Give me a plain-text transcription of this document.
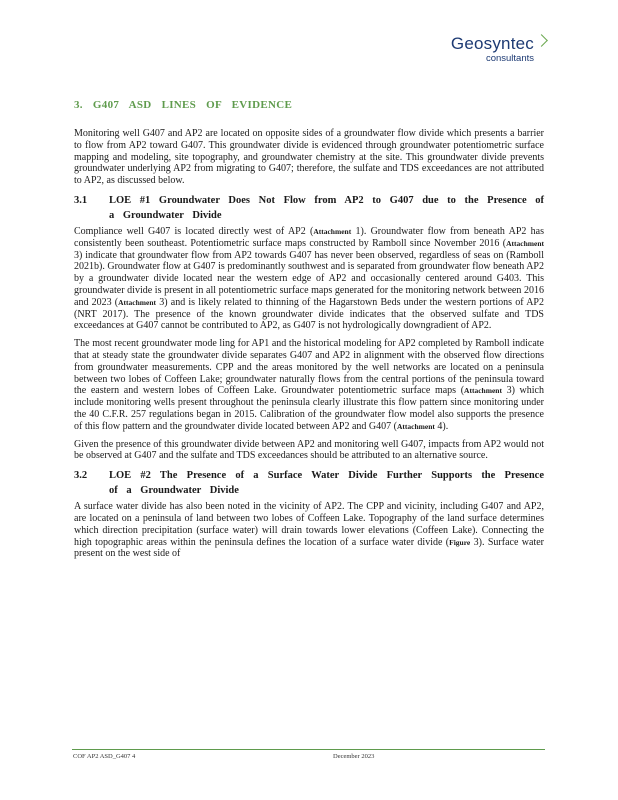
Geosyntec
consultants
3. G407 ASD LINES OF EVIDENCE

Monitoring well G407 and AP2 are located on opposite sides of a groundwater flow divide which presents a barrier to flow from AP2 toward G407. This groundwater divide is evidenced through groundwater potentiometric surface mapping and modeling, site topography, and groundwater chemistry at the site. This groundwater divide prevents groundwater underlying AP2 from migrating to G407; therefore, the sulfate and TDS exceedances are not attributed to AP2, as discussed below.

3.1	LOE #1 Groundwater Does Not Flow from AP2 to G407 due to the Presence of a Groundwater Divide

Compliance well G407 is located directly west of AP2 (Attachment 1). Groundwater flow from beneath AP2 has consistently been southeast. Potentiometric surface maps constructed by Ramboll since November 2016 (Attachment 3) indicate that groundwater flow from AP2 towards G407 has never been observed, regardless of seas on (Ramboll 2021b). Groundwater flow at G407 is predominantly southwest and is separated from groundwater flow beneath AP2 by a groundwater divide located near the western edge of AP2 and occasionally centered around G403. This groundwater divide is present in all potentiometric surface maps generated for the monitoring network between 2016 and 2023 (Attachment 3) and is likely related to thinning of the Hagarstown Beds under the western portions of AP2 (NRT 2017). The presence of the known groundwater divide indicates that the observed sulfate and TDS exceedances at G407 cannot be contributed to AP2, as G407 is not hydrologically downgradient of AP2.

The most recent groundwater mode ling for AP1 and the historical modeling for AP2 completed by Ramboll indicate that at steady state the groundwater divide separates G407 and AP2 in alignment with the observed flow directions from groundwater measurements. CPP and the areas monitored by the well networks are located on a peninsula between two lobes of Coffeen Lake; groundwater naturally flows from the central portions of the peninsula toward the eastern and western lobes of Coffeen Lake. Groundwater potentiometric surface maps (Attachment 3) which include monitoring wells present throughout the peninsula clearly illustrate this flow pattern since monitoring under the 40 C.F.R. 257 regulations began in 2015. Calibration of the groundwater flow model also supports the presence of this flow pattern and the groundwater divide located between AP2 and G407 (Attachment 4).

Given the presence of this groundwater divide between AP2 and monitoring well G407, impacts from AP2 would not be observed at G407 and the sulfate and TDS exceedances should be attributed to an alternative source.

3.2	LOE #2 The Presence of a Surface Water Divide Further Supports the Presence of a Groundwater Divide

A surface water divide has also been noted in the vicinity of AP2. The CPP and vicinity, including G407 and AP2, are located on a peninsula of land between two lobes of Coffeen Lake. Topography of the land surface determines which direction precipitation (surface water) will drain towards lower elevations (Coffeen Lake). Connecting the high topographic areas within the peninsula defines the location of a surface water divide (Figure 3). Surface water present on the west side of

COF AP2 ASD_G407 4	December 2023
